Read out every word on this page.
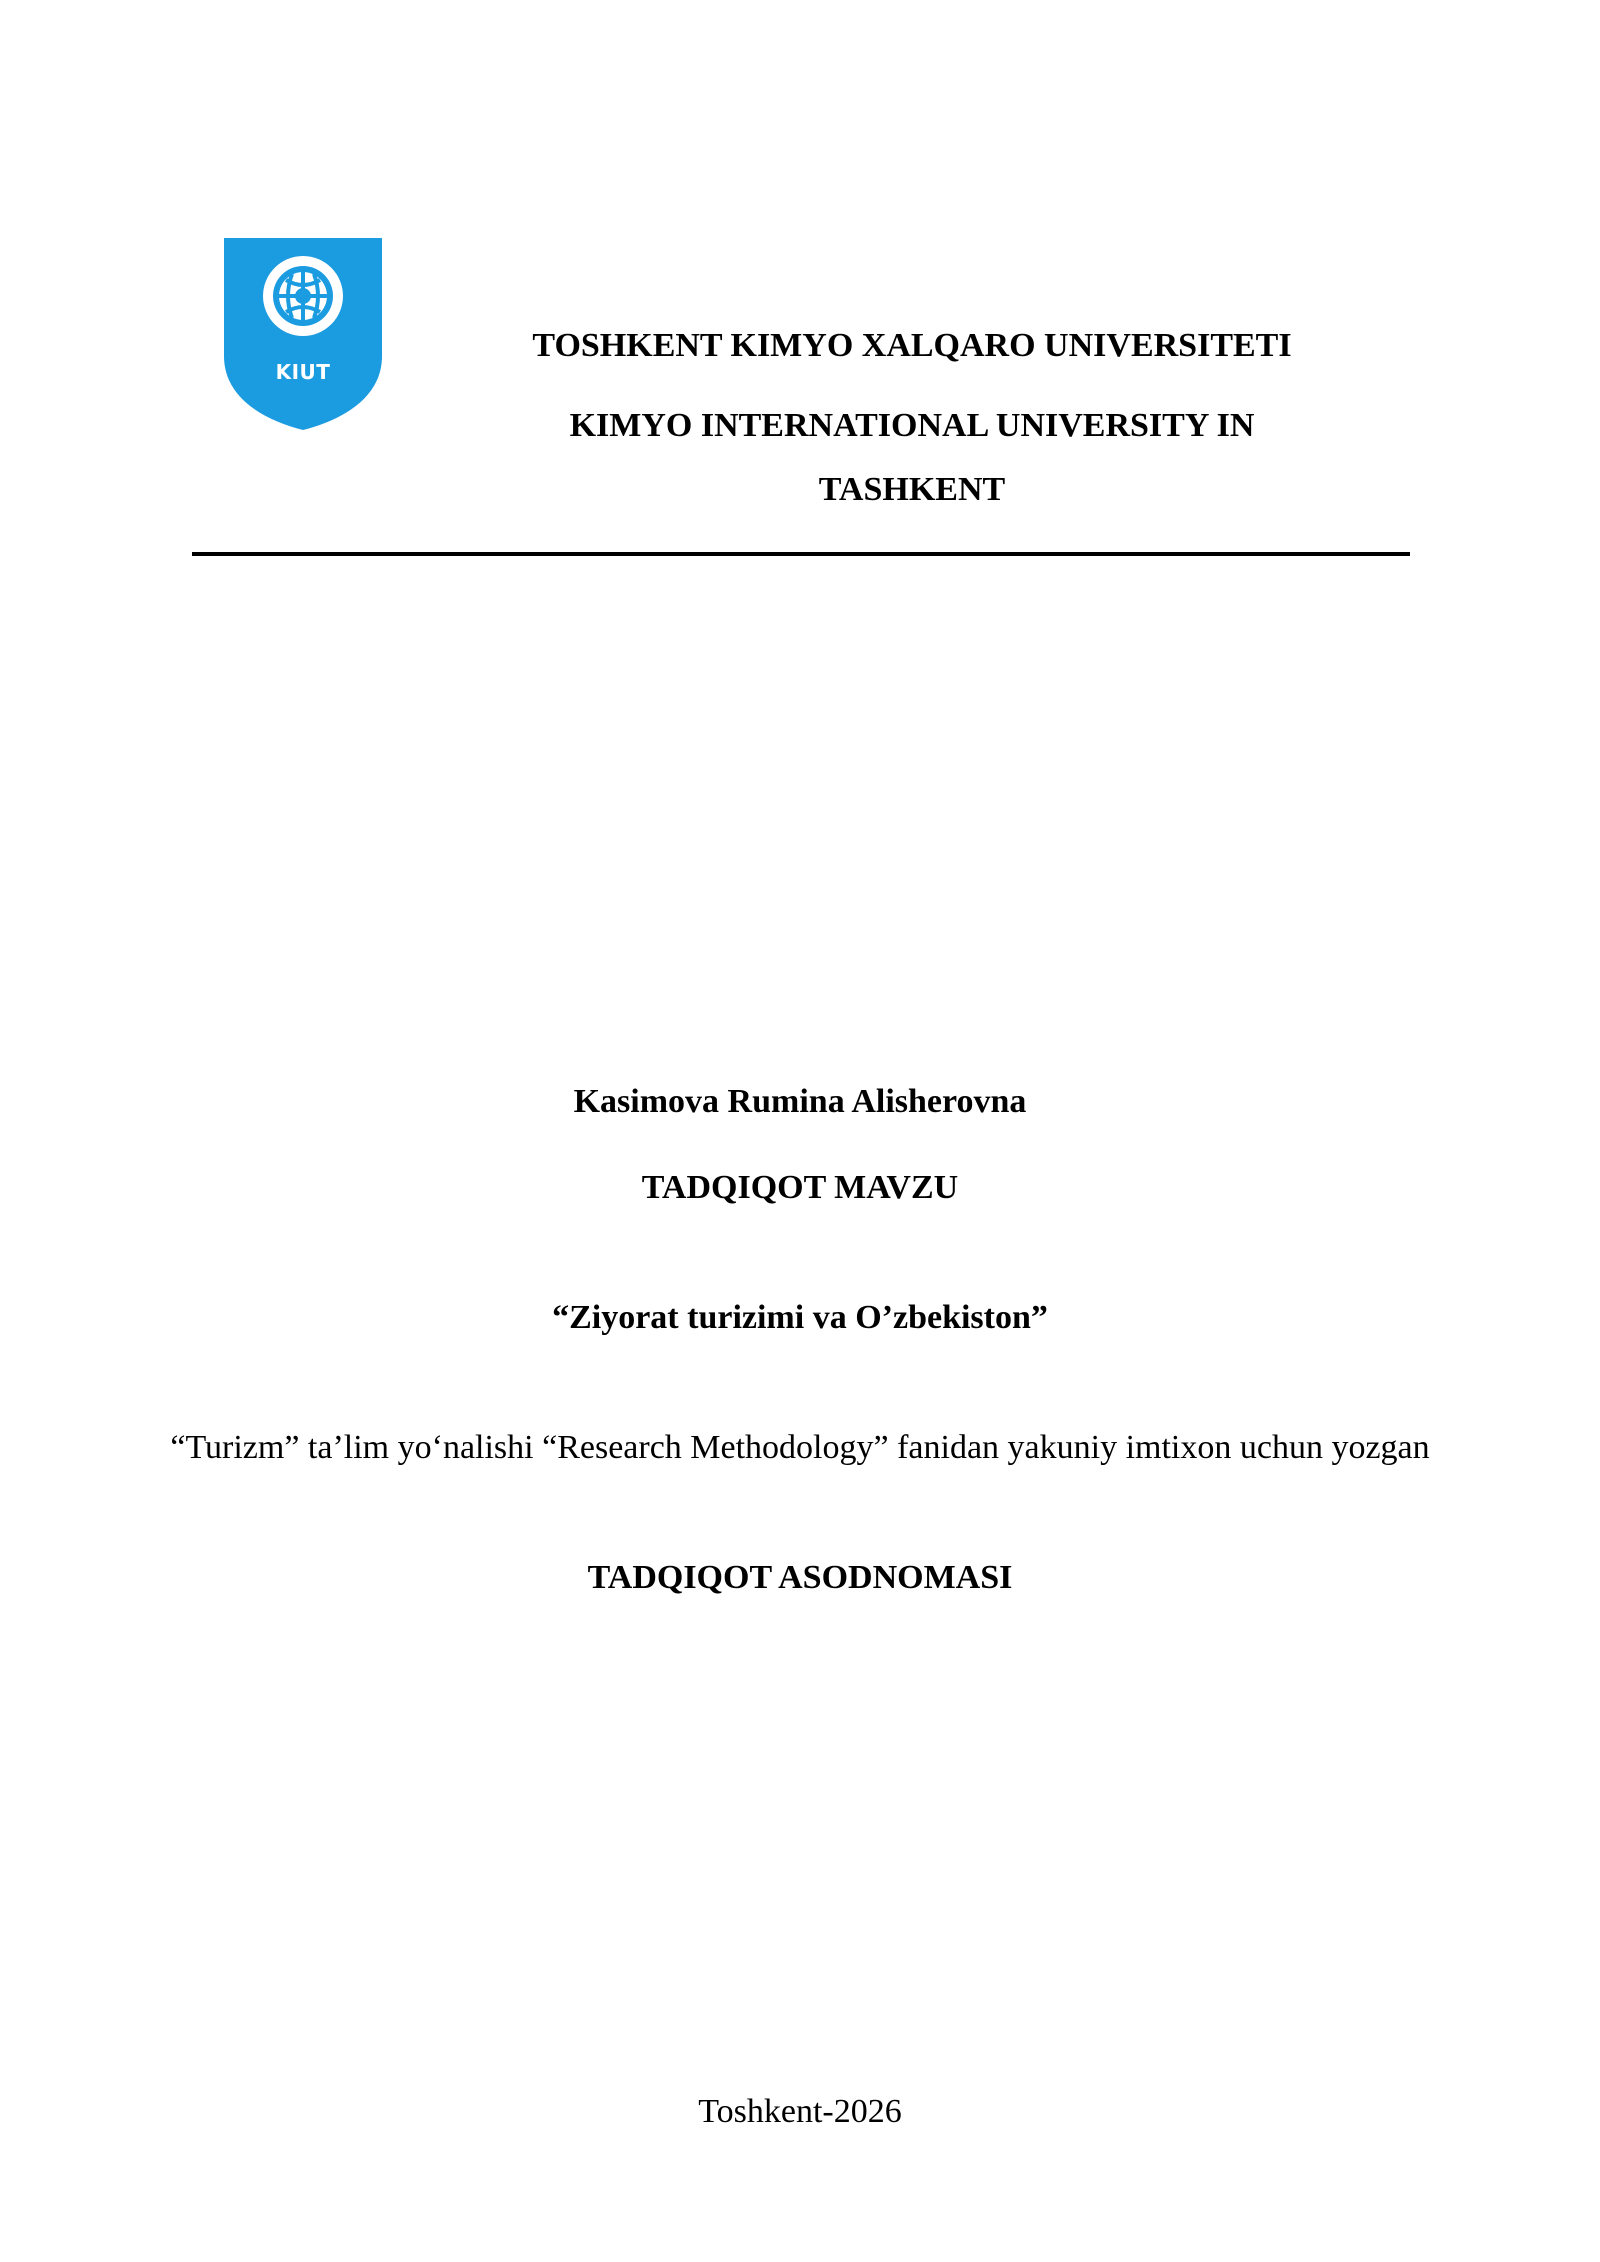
KIUT
TOSHKENT KIMYO XALQARO UNIVERSITETI
KIMYO INTERNATIONAL UNIVERSITY IN
TASHKENT
Kasimova Rumina Alisherovna
TADQIQOT MAVZU
“Ziyorat turizimi va O’zbekiston”
“Turizm” ta’lim yo‘nalishi “Research Methodology” fanidan yakuniy imtixon uchun yozgan
TADQIQOT ASODNOMASI
Toshkent-2026
